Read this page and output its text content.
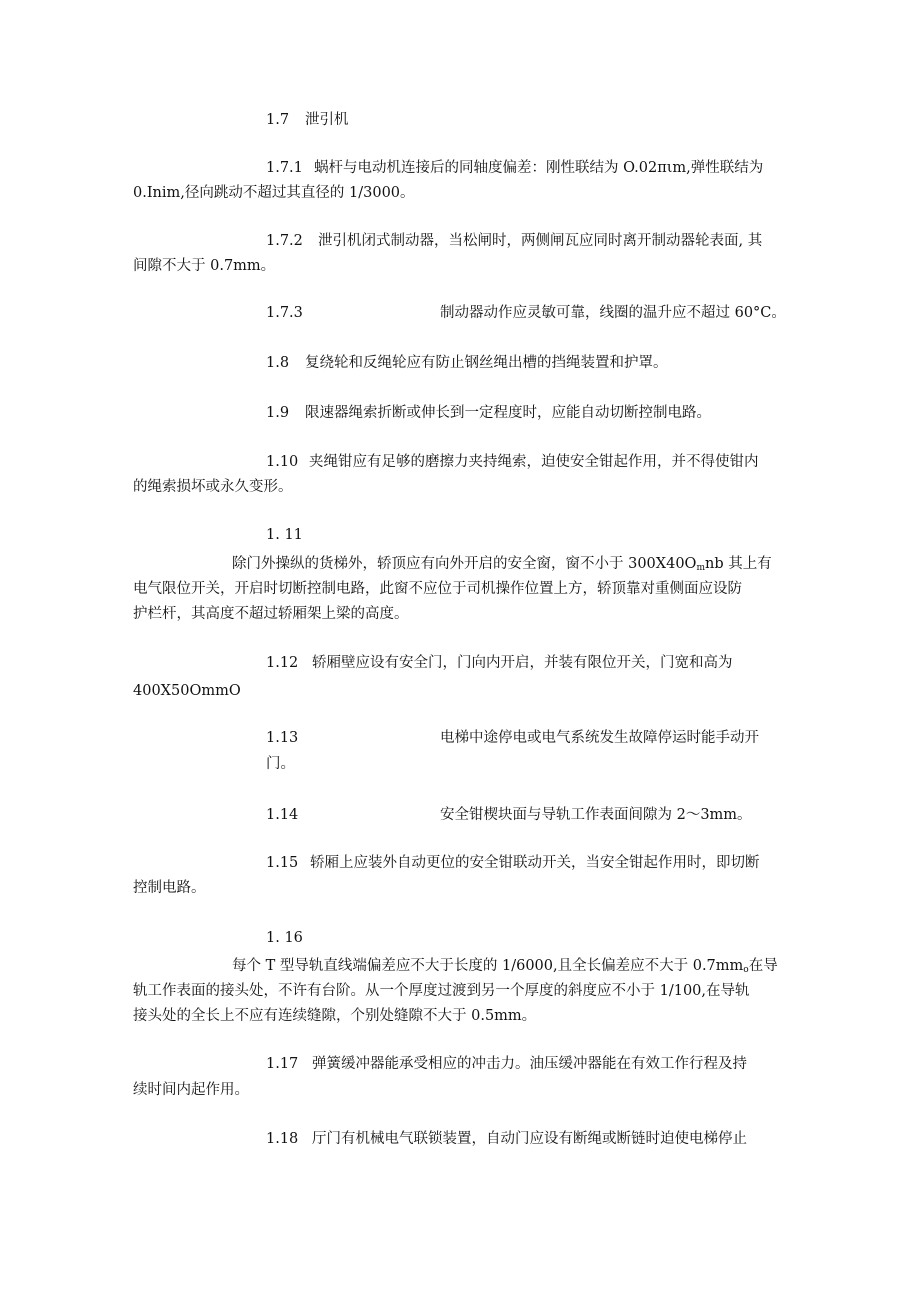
1.7 泄引机
1.7.1 蜗杆与电动机连接后的同轴度偏差：刚性联结为 O.02πιm,弹性联结为
0.Inim,径向跳动不超过其直径的 1/3000。
1.7.2 泄引机闭式制动器，当松闸时，两侧闸瓦应同时离开制动器轮表面, 其
间隙不大于 0.7mm。
1.7.3	制动器动作应灵敏可靠，线圈的温升应不超过 60°C。
1.8 复绕轮和反绳轮应有防止钢丝绳出槽的挡绳装置和护罩。
1.9 限速器绳索折断或伸长到一定程度时，应能自动切断控制电路。
1.10 夹绳钳应有足够的磨擦力夹持绳索，迫使安全钳起作用，并不得使钳内
的绳索损坏或永久变形。
1. 11
除门外操纵的货梯外，轿顶应有向外开启的安全窗，窗不小于 $300X40O_mnb$ 其上有
电气限位开关，开启时切断控制电路，此窗不应位于司机操作位置上方，轿顶靠对重侧面应设防
护栏杆，其高度不超过轿厢架上梁的高度。
1.12 轿厢壁应设有安全门，门向内开启，并装有限位开关，门宽和高为
400X50OmmO
1.13	电梯中途停电或电气系统发生故障停运时能手动开
门。
1.14	安全钳楔块面与导轨工作表面间隙为 2～3mm。
1.15 轿厢上应装外自动更位的安全钳联动开关，当安全钳起作用时，即切断
控制电路。
1. 16
每个 T 型导轨直线端偏差应不大于长度的 1/6000,且全长偏差应不大于 $0.7mm_o$在导
轨工作表面的接头处，不许有台阶。从一个厚度过渡到另一个厚度的斜度应不小于 1/100,在导轨
接头处的全长上不应有连续缝隙，个别处缝隙不大于 0.5mm。
1.17 弹簧缓冲器能承受相应的冲击力。油压缓冲器能在有效工作行程及持
续时间内起作用。
1.18 厅门有机械电气联锁装置，自动门应设有断绳或断链时迫使电梯停止
